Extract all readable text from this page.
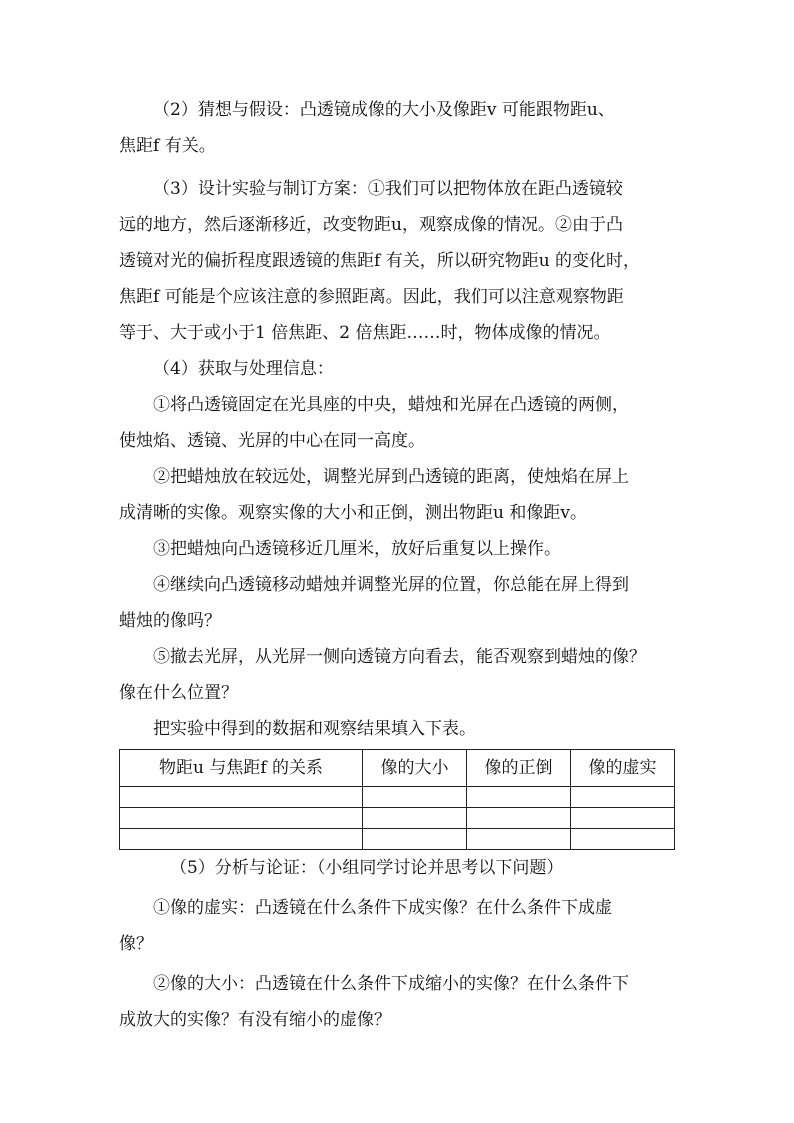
（2）猜想与假设：凸透镜成像的大小及像距v 可能跟物距u、

焦距f 有关。

（3）设计实验与制订方案：①我们可以把物体放在距凸透镜较

远的地方，然后逐渐移近，改变物距u，观察成像的情况。②由于凸

透镜对光的偏折程度跟透镜的焦距f 有关，所以研究物距u 的变化时，

焦距f 可能是个应该注意的参照距离。因此，我们可以注意观察物距

等于、大于或小于1 倍焦距、2 倍焦距……时，物体成像的情况。

（4）获取与处理信息：

①将凸透镜固定在光具座的中央，蜡烛和光屏在凸透镜的两侧，

使烛焰、透镜、光屏的中心在同一高度。

②把蜡烛放在较远处，调整光屏到凸透镜的距离，使烛焰在屏上

成清晰的实像。观察实像的大小和正倒，测出物距u 和像距v。

③把蜡烛向凸透镜移近几厘米，放好后重复以上操作。

④继续向凸透镜移动蜡烛并调整光屏的位置，你总能在屏上得到

蜡烛的像吗？

⑤撤去光屏，从光屏一侧向透镜方向看去，能否观察到蜡烛的像？

像在什么位置？

把实验中得到的数据和观察结果填入下表。

物距u 与焦距f 的关系	像的大小	像的正倒	像的虚实

（5）分析与论证：（小组同学讨论并思考以下问题）

①像的虚实：凸透镜在什么条件下成实像？在什么条件下成虚

像？

②像的大小：凸透镜在什么条件下成缩小的实像？在什么条件下

成放大的实像？有没有缩小的虚像？
